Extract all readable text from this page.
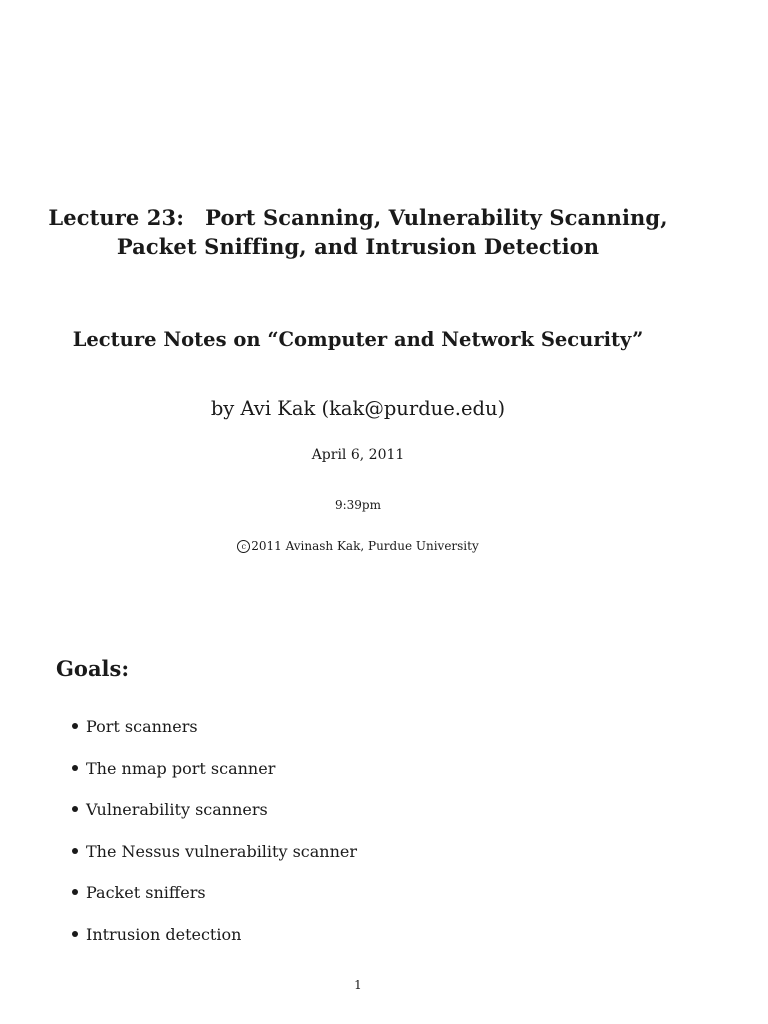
Lecture 23: Port Scanning, Vulnerability Scanning,
Packet Sniffing, and Intrusion Detection
Lecture Notes on “Computer and Network Security”
by Avi Kak (kak@purdue.edu)
April 6, 2011
9:39pm
c 2011 Avinash Kak, Purdue University
Goals:
Port scanners
The nmap port scanner
Vulnerability scanners
The Nessus vulnerability scanner
Packet sniffers
Intrusion detection
1
